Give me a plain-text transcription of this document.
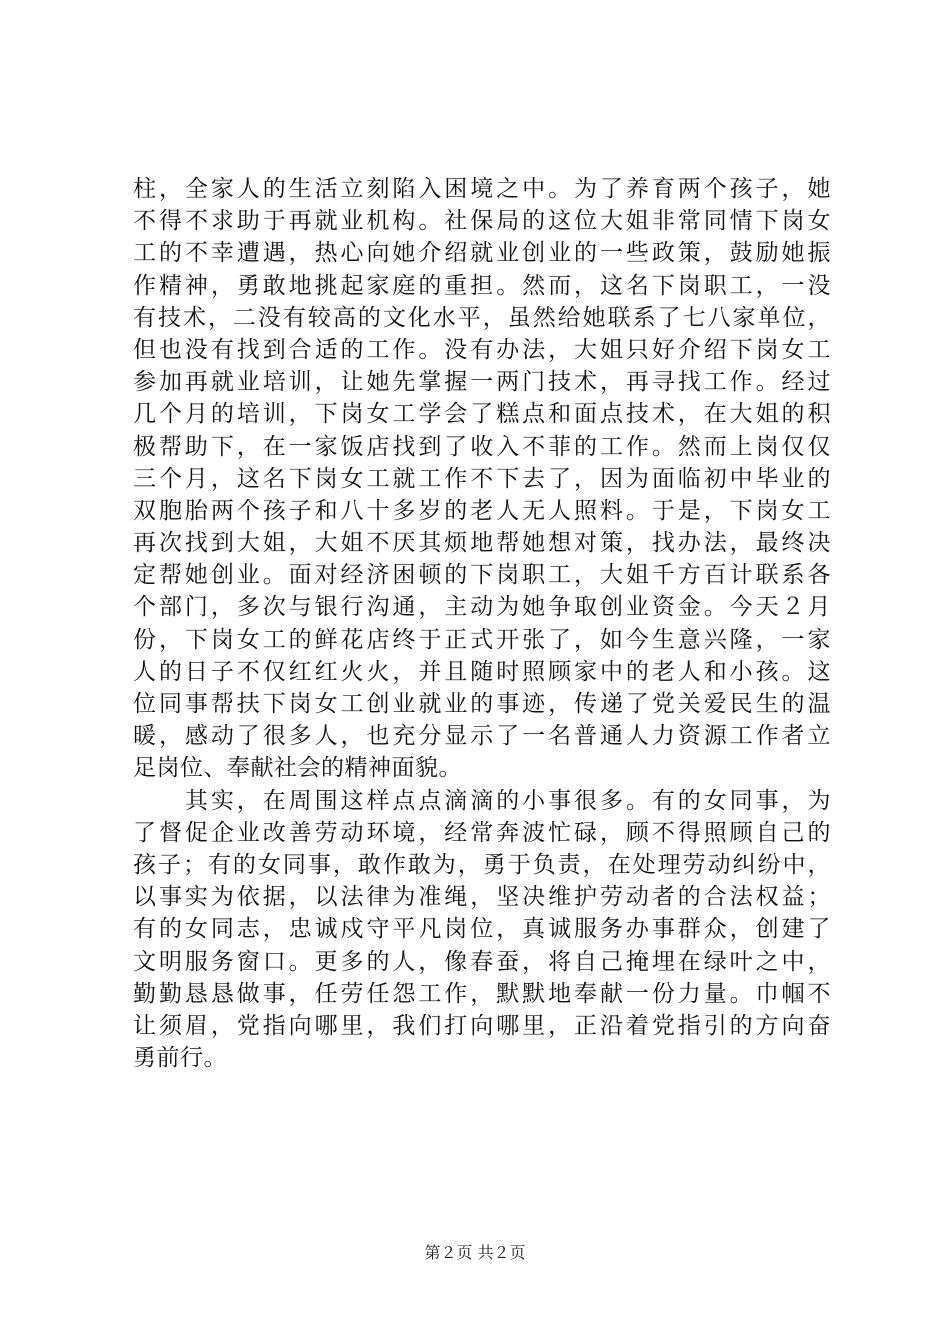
柱，全家人的生活立刻陷入困境之中。为了养育两个孩子，她
不得不求助于再就业机构。社保局的这位大姐非常同情下岗女
工的不幸遭遇，热心向她介绍就业创业的一些政策，鼓励她振
作精神，勇敢地挑起家庭的重担。然而，这名下岗职工，一没
有技术，二没有较高的文化水平，虽然给她联系了七八家单位，
但也没有找到合适的工作。没有办法，大姐只好介绍下岗女工
参加再就业培训，让她先掌握一两门技术，再寻找工作。经过
几个月的培训，下岗女工学会了糕点和面点技术，在大姐的积
极帮助下，在一家饭店找到了收入不菲的工作。然而上岗仅仅
三个月，这名下岗女工就工作不下去了，因为面临初中毕业的
双胞胎两个孩子和八十多岁的老人无人照料。于是，下岗女工
再次找到大姐，大姐不厌其烦地帮她想对策，找办法，最终决
定帮她创业。面对经济困顿的下岗职工，大姐千方百计联系各
个部门，多次与银行沟通，主动为她争取创业资金。今天２月
份，下岗女工的鲜花店终于正式开张了，如今生意兴隆，一家
人的日子不仅红红火火，并且随时照顾家中的老人和小孩。这
位同事帮扶下岗女工创业就业的事迹，传递了党关爱民生的温
暖，感动了很多人，也充分显示了一名普通人力资源工作者立
足岗位、奉献社会的精神面貌。
　　其实，在周围这样点点滴滴的小事很多。有的女同事，为
了督促企业改善劳动环境，经常奔波忙碌，顾不得照顾自己的
孩子；有的女同事，敢作敢为，勇于负责，在处理劳动纠纷中，
以事实为依据，以法律为准绳，坚决维护劳动者的合法权益；
有的女同志，忠诚戍守平凡岗位，真诚服务办事群众，创建了
文明服务窗口。更多的人，像春蚕，将自己掩埋在绿叶之中，
勤勤恳恳做事，任劳任怨工作，默默地奉献一份力量。巾帼不
让须眉，党指向哪里，我们打向哪里，正沿着党指引的方向奋
勇前行。
第２页 共２页
